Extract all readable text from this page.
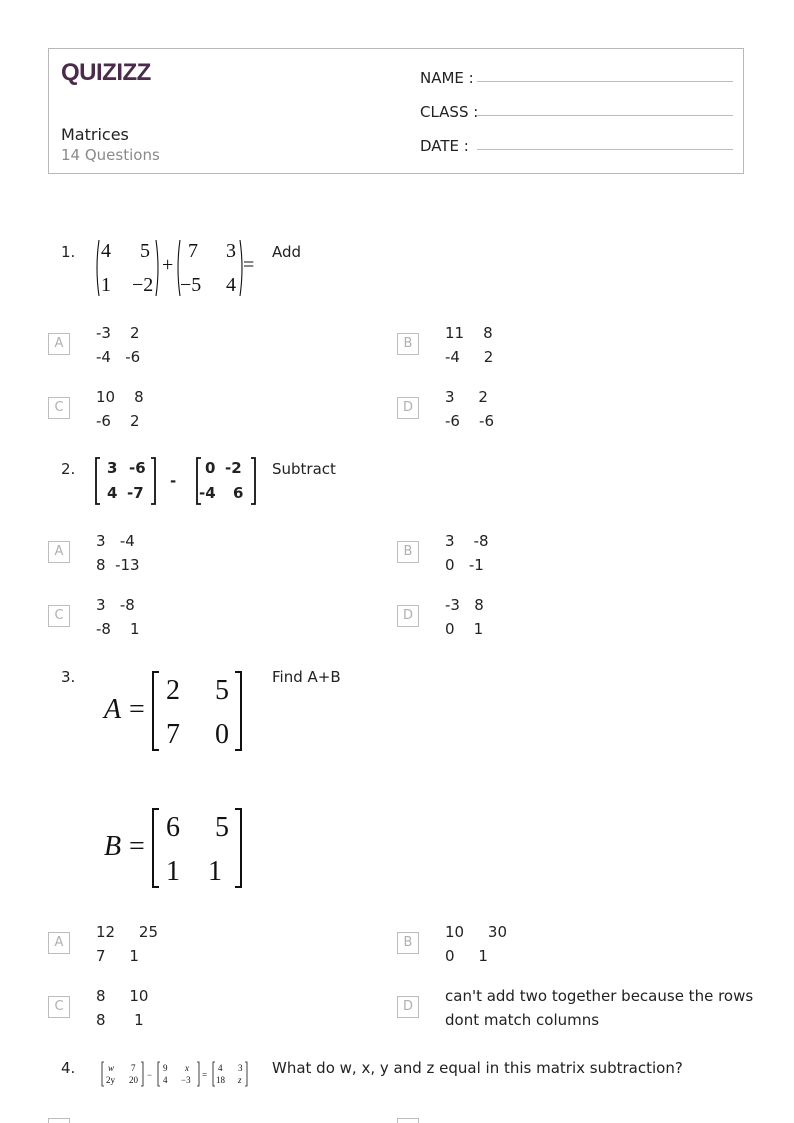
QUIZIZZ
Matrices
14 Questions
NAME :
CLASS :
DATE :
1. 4 5
1 −2
+
7 3
−5 4
=
Add
A
-3    2
-4   -6
B
11    8
-4     2
C
10    8
-6    2
D
3     2
-6    -6
2. 3 -6
4 -7
-
0 -2
-4 6
Subtract
A
3   -4
8  -13
B
3    -8
0   -1
C
3   -8
-8    1
D
-3   8
0    1
3.
A =
2 5
7 0
B =
6 5
1 1
Find A+B
A
12     25
7     1
B
10     30
0     1
C
8     10
8      1
D
can't add two together because the rows
dont match columns
4.	w 7
2y 20 −
9 x
4 −3 =
4 3
18 z
What do w, x, y and z equal in this matrix subtraction?
